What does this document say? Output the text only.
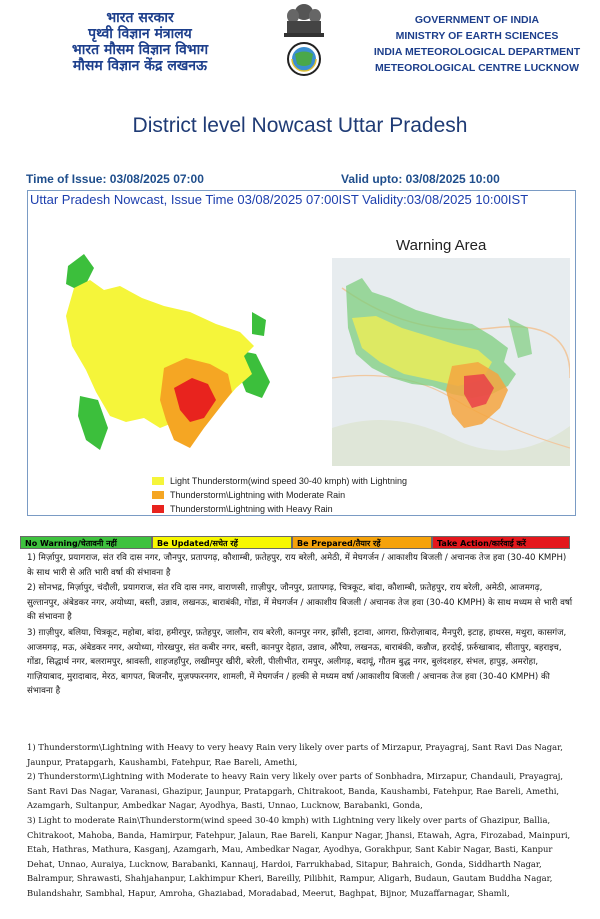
भारत सरकार
पृथ्वी विज्ञान मंत्रालय
भारत मौसम विज्ञान विभाग
मौसम विज्ञान केंद्र लखनऊ
GOVERNMENT OF INDIA
MINISTRY OF EARTH SCIENCES
INDIA METEOROLOGICAL DEPARTMENT
METEOROLOGICAL CENTRE LUCKNOW
District level Nowcast Uttar Pradesh
Time of Issue: 03/08/2025 07:00	Valid upto: 03/08/2025 10:00
Uttar Pradesh Nowcast, Issue Time 03/08/2025 07:00IST Validity:03/08/2025 10:00IST
Warning Area
Light Thunderstorm(wind speed 30-40 kmph) with Lightning
Thunderstorm\Lightning with Moderate Rain
Thunderstorm\Lightning with Heavy Rain
No Warning/चेतावनी नहीं	Be Updated/सचेत रहें	Be Prepared/तैयार रहें	Take Action/कार्रवाई करें

1) मिर्ज़ापुर, प्रयागराज, संत रवि दास नगर, जौनपुर, प्रतापगढ़, कौशाम्बी, फ़तेहपुर, राय बरेली, अमेठी, में मेघगर्जन / आकाशीय बिजली / अचानक तेज हवा (30-40 KMPH) के साथ भारी से अति भारी वर्षा की संभावना है

2) सोनभद्र, मिर्ज़ापुर, चंदौली, प्रयागराज, संत रवि दास नगर, वाराणसी, ग़ाज़ीपुर, जौनपुर, प्रतापगढ़, चित्रकूट, बांदा, कौशाम्बी, फ़तेहपुर, राय बरेली, अमेठी, आजमगढ़, सुल्तानपुर, अंबेडकर नगर, अयोध्या, बस्ती, उन्नाव, लखनऊ, बाराबंकी, गोंडा, में मेघगर्जन / आकाशीय बिजली / अचानक तेज हवा (30-40 KMPH) के साथ मध्यम से भारी वर्षा की संभावना है

3) ग़ाज़ीपुर, बलिया, चित्रकूट, महोबा, बांदा, हमीरपुर, फ़तेहपुर, जालौन, राय बरेली, कानपुर नगर, झाँसी, इटावा, आगरा, फ़िरोज़ाबाद, मैनपुरी, इटाह, हाथरस, मथुरा, कासगंज, आजमगढ़, मऊ, अंबेडकर नगर, अयोध्या, गोरखपुर, संत कबीर नगर, बस्ती, कानपुर देहात, उन्नाव, औरैया, लखनऊ, बाराबंकी, कन्नौज, हरदोई, फ़र्रुखाबाद, सीतापुर, बहराइच, गोंडा, सिद्धार्थ नगर, बलरामपुर, श्रावस्ती, शाहजहाँपुर, लखीमपुर खीरी, बरेली, पीलीभीत, रामपुर, अलीगढ़, बदायूं, गौतम बुद्ध नगर, बुलंदशहर, संभल, हापुड़, अमरोहा, गाज़ियाबाद, मुरादाबाद, मेरठ, बागपत, बिजनौर, मुज़फ्फरनगर, शामली, में मेघगर्जन / हल्की से मध्यम वर्षा /आकाशीय बिजली / अचानक तेज हवा (30-40 KMPH) की संभावना है

1) Thunderstorm\Lightning with Heavy to very heavy Rain very likely over parts of Mirzapur, Prayagraj, Sant Ravi Das Nagar, Jaunpur, Pratapgarh, Kaushambi, Fatehpur, Rae Bareli, Amethi,

2) Thunderstorm\Lightning with Moderate to heavy Rain very likely over parts of Sonbhadra, Mirzapur, Chandauli, Prayagraj, Sant Ravi Das Nagar, Varanasi, Ghazipur, Jaunpur, Pratapgarh, Chitrakoot, Banda, Kaushambi, Fatehpur, Rae Bareli, Amethi, Azamgarh, Sultanpur, Ambedkar Nagar, Ayodhya, Basti, Unnao, Lucknow, Barabanki, Gonda,

3) Light to moderate Rain\Thunderstorm(wind speed 30-40 kmph) with Lightning very likely over parts of Ghazipur, Ballia, Chitrakoot, Mahoba, Banda, Hamirpur, Fatehpur, Jalaun, Rae Bareli, Kanpur Nagar, Jhansi, Etawah, Agra, Firozabad, Mainpuri, Etah, Hathras, Mathura, Kasganj, Azamgarh, Mau, Ambedkar Nagar, Ayodhya, Gorakhpur, Sant Kabir Nagar, Basti, Kanpur Dehat, Unnao, Auraiya, Lucknow, Barabanki, Kannauj, Hardoi, Farrukhabad, Sitapur, Bahraich, Gonda, Siddharth Nagar, Balrampur, Shrawasti, Shahjahanpur, Lakhimpur Kheri, Bareilly, Pilibhit, Rampur, Aligarh, Budaun, Gautam Buddha Nagar, Bulandshahr, Sambhal, Hapur, Amroha, Ghaziabad, Moradabad, Meerut, Baghpat, Bijnor, Muzaffarnagar, Shamli,
